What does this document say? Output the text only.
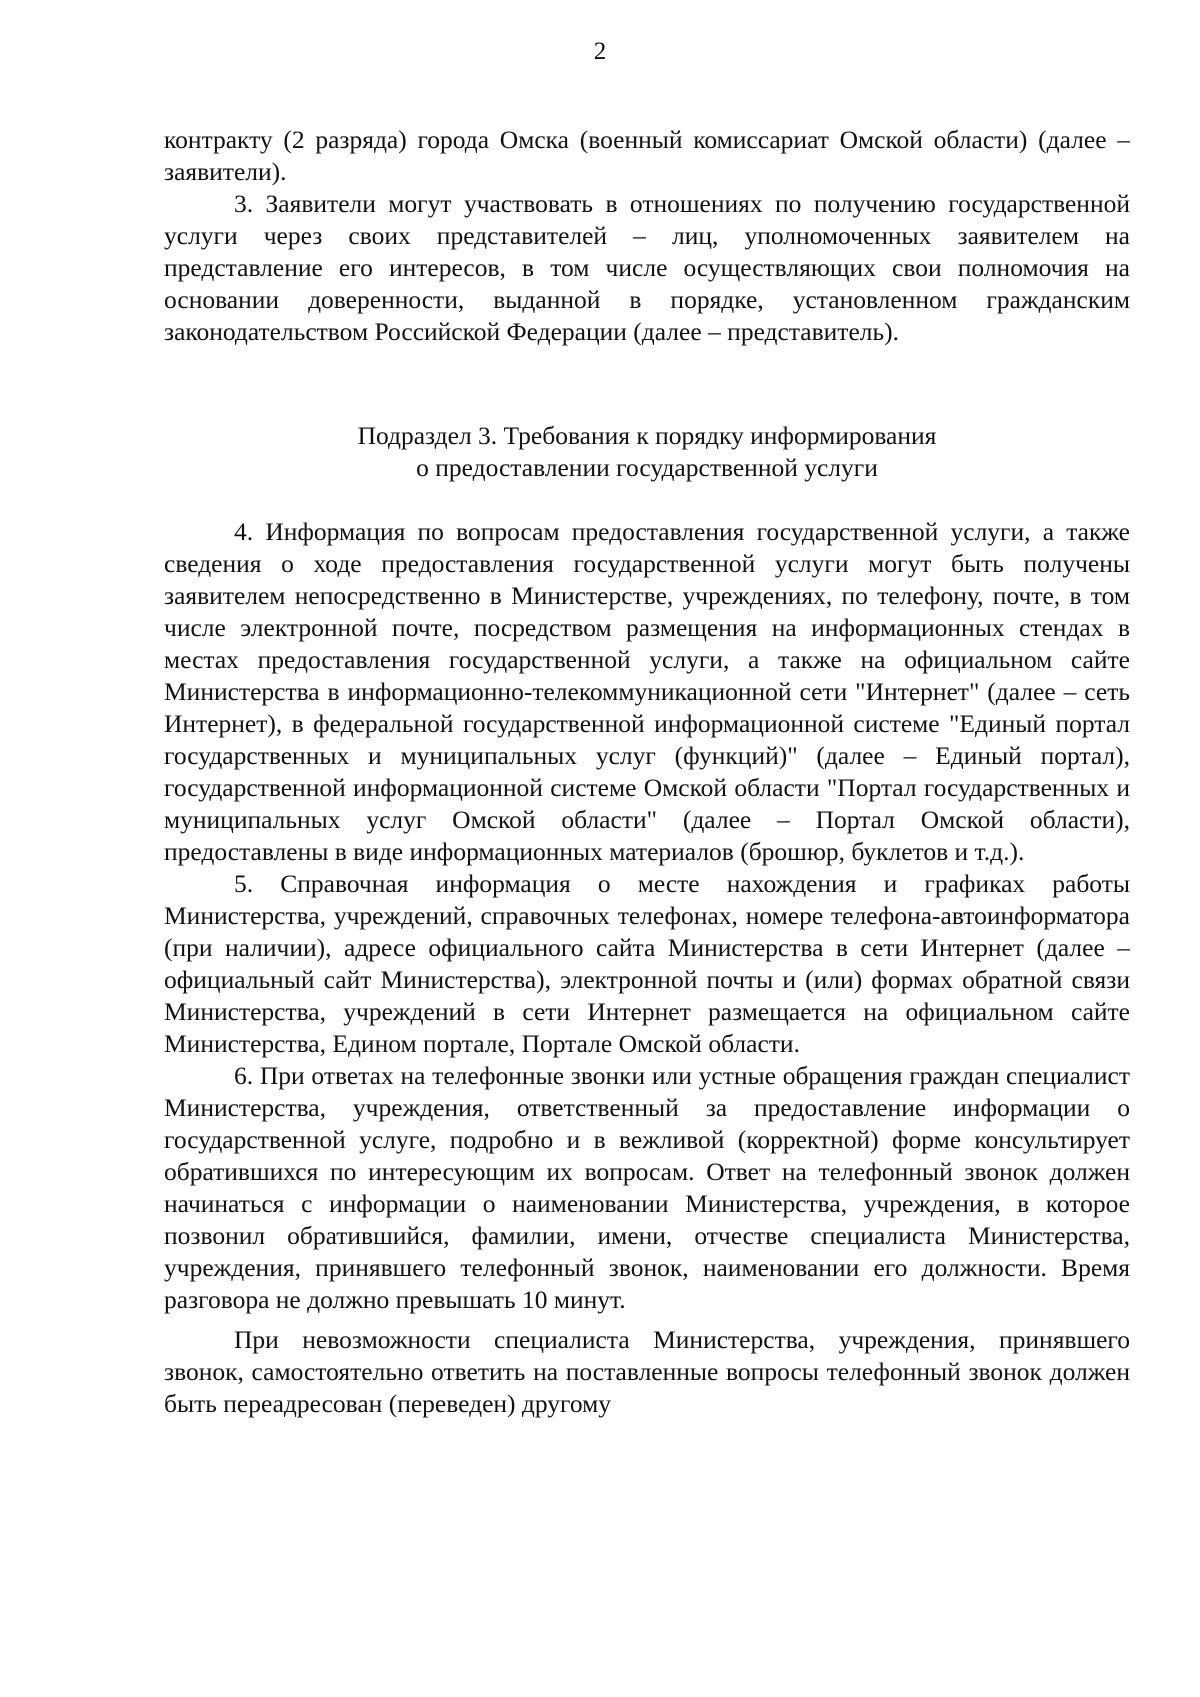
2

контракту (2 разряда) города Омска (военный комиссариат Омской области) (далее – заявители).

3. Заявители могут участвовать в отношениях по получению государственной услуги через своих представителей – лиц, уполномоченных заявителем на представление его интересов, в том числе осуществляющих свои полномочия на основании доверенности, выданной в порядке, установленном гражданским законодательством Российской Федерации (далее – представитель).

Подраздел 3. Требования к порядку информирования
о предоставлении государственной услуги

4. Информация по вопросам предоставления государственной услуги, а также сведения о ходе предоставления государственной услуги могут быть получены заявителем непосредственно в Министерстве, учреждениях, по телефону, почте, в том числе электронной почте, посредством размещения на информационных стендах в местах предоставления государственной услуги, а также на официальном сайте Министерства в информационно-телекоммуникационной сети "Интернет" (далее – сеть Интернет), в федеральной государственной информационной системе "Единый портал государственных и муниципальных услуг (функций)" (далее – Единый портал), государственной информационной системе Омской области "Портал государственных и муниципальных услуг Омской области" (далее – Портал Омской области), предоставлены в виде информационных материалов (брошюр, буклетов и т.д.).

5. Справочная информация о месте нахождения и графиках работы Министерства, учреждений, справочных телефонах, номере телефона-автоинформатора (при наличии), адресе официального сайта Министерства в сети Интернет (далее – официальный сайт Министерства), электронной почты и (или) формах обратной связи Министерства, учреждений в сети Интернет размещается на официальном сайте Министерства, Едином портале, Портале Омской области.

6. При ответах на телефонные звонки или устные обращения граждан специалист Министерства, учреждения, ответственный за предоставление информации о государственной услуге, подробно и в вежливой (корректной) форме консультирует обратившихся по интересующим их вопросам. Ответ на телефонный звонок должен начинаться с информации о наименовании Министерства, учреждения, в которое позвонил обратившийся, фамилии, имени, отчестве специалиста Министерства, учреждения, принявшего телефонный звонок, наименовании его должности. Время разговора не должно превышать 10 минут.

При невозможности специалиста Министерства, учреждения, принявшего звонок, самостоятельно ответить на поставленные вопросы телефонный звонок должен быть переадресован (переведен) другому
